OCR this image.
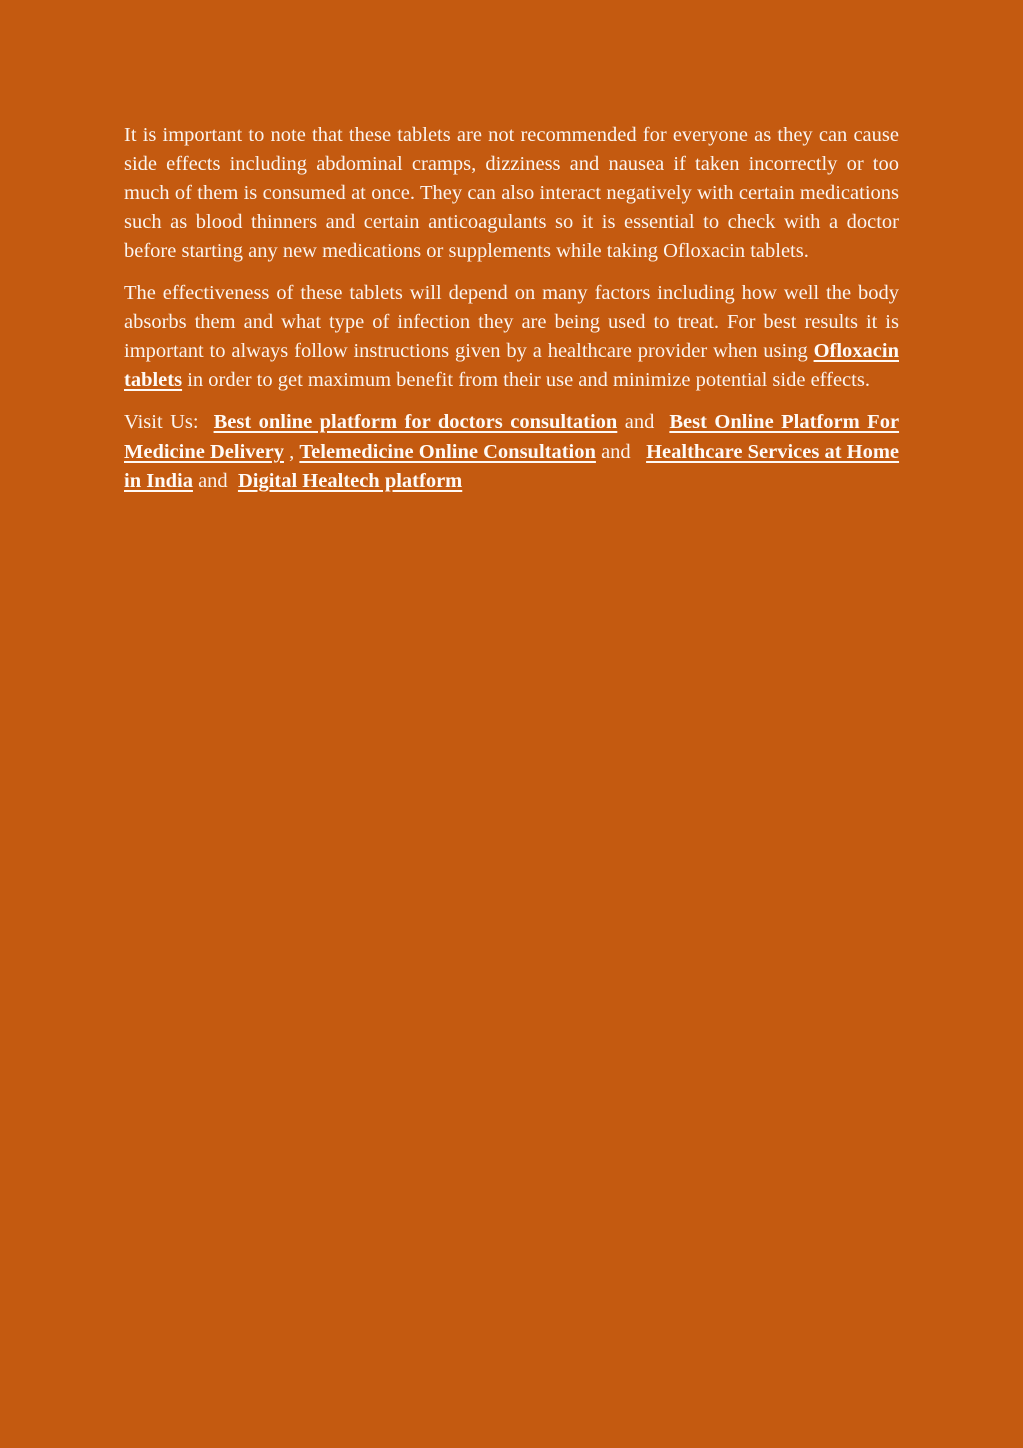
It is important to note that these tablets are not recommended for everyone as they can cause side effects including abdominal cramps, dizziness and nausea if taken incorrectly or too much of them is consumed at once. They can also interact negatively with certain medications such as blood thinners and certain anticoagulants so it is essential to check with a doctor before starting any new medications or supplements while taking Ofloxacin tablets.

The effectiveness of these tablets will depend on many factors including how well the body absorbs them and what type of infection they are being used to treat. For best results it is important to always follow instructions given by a healthcare provider when using Ofloxacin tablets in order to get maximum benefit from their use and minimize potential side effects.

Visit Us: Best online platform for doctors consultation and Best Online Platform For Medicine Delivery , Telemedicine Online Consultation and Healthcare Services at Home in India and Digital Healtech platform
